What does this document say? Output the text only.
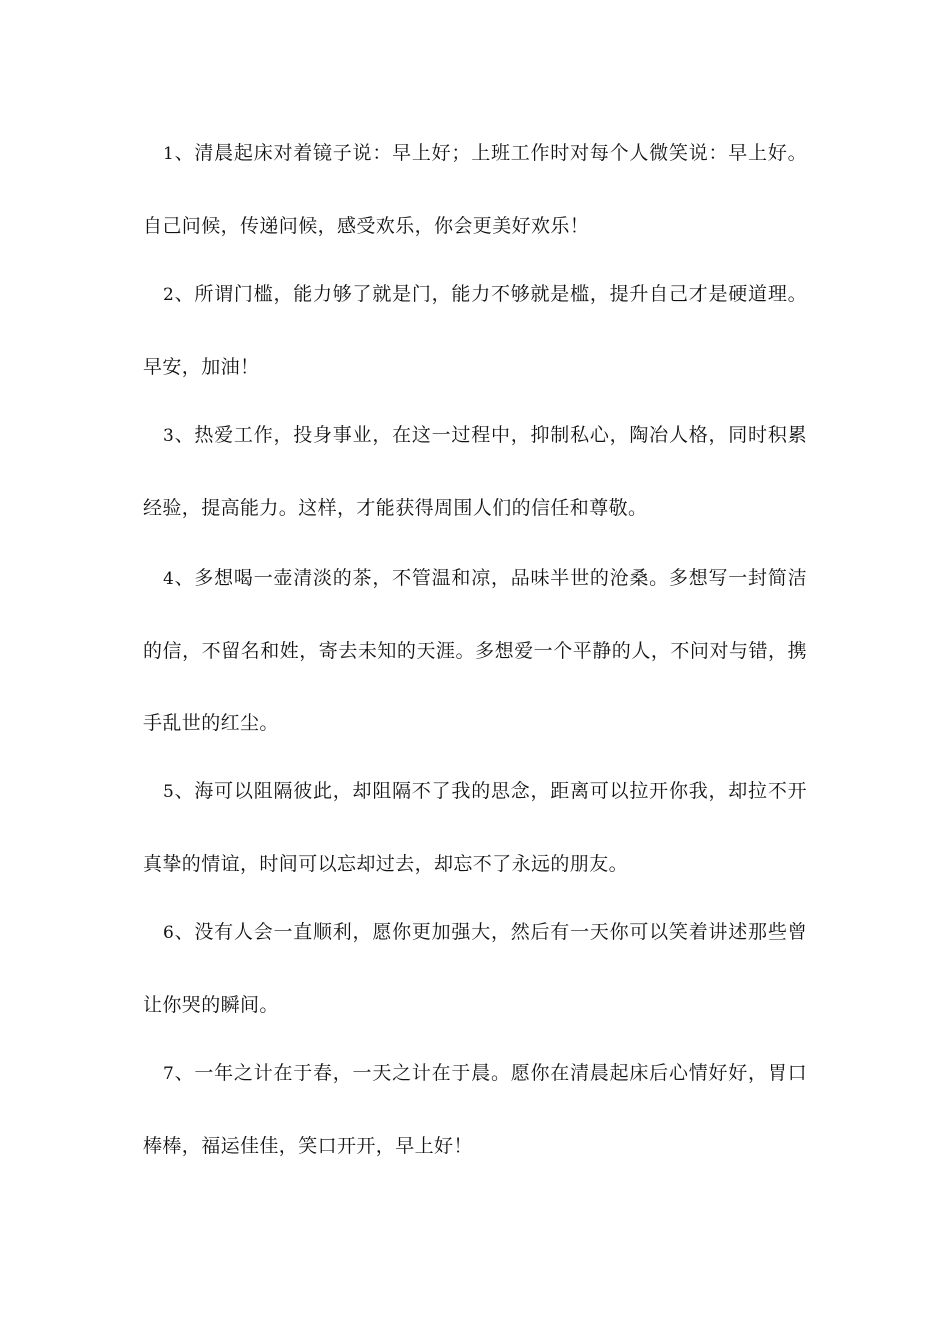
1、清晨起床对着镜子说：早上好；上班工作时对每个人微笑说：早上好。自己问候，传递问候，感受欢乐，你会更美好欢乐！

2、所谓门槛，能力够了就是门，能力不够就是槛，提升自己才是硬道理。早安，加油！

3、热爱工作，投身事业，在这一过程中，抑制私心，陶冶人格，同时积累经验，提高能力。这样，才能获得周围人们的信任和尊敬。

4、多想喝一壶清淡的茶，不管温和凉，品味半世的沧桑。多想写一封简洁的信，不留名和姓，寄去未知的天涯。多想爱一个平静的人，不问对与错，携手乱世的红尘。

5、海可以阻隔彼此，却阻隔不了我的思念，距离可以拉开你我，却拉不开真挚的情谊，时间可以忘却过去，却忘不了永远的朋友。

6、没有人会一直顺利，愿你更加强大，然后有一天你可以笑着讲述那些曾让你哭的瞬间。

7、一年之计在于春，一天之计在于晨。愿你在清晨起床后心情好好，胃口棒棒，福运佳佳，笑口开开，早上好！
